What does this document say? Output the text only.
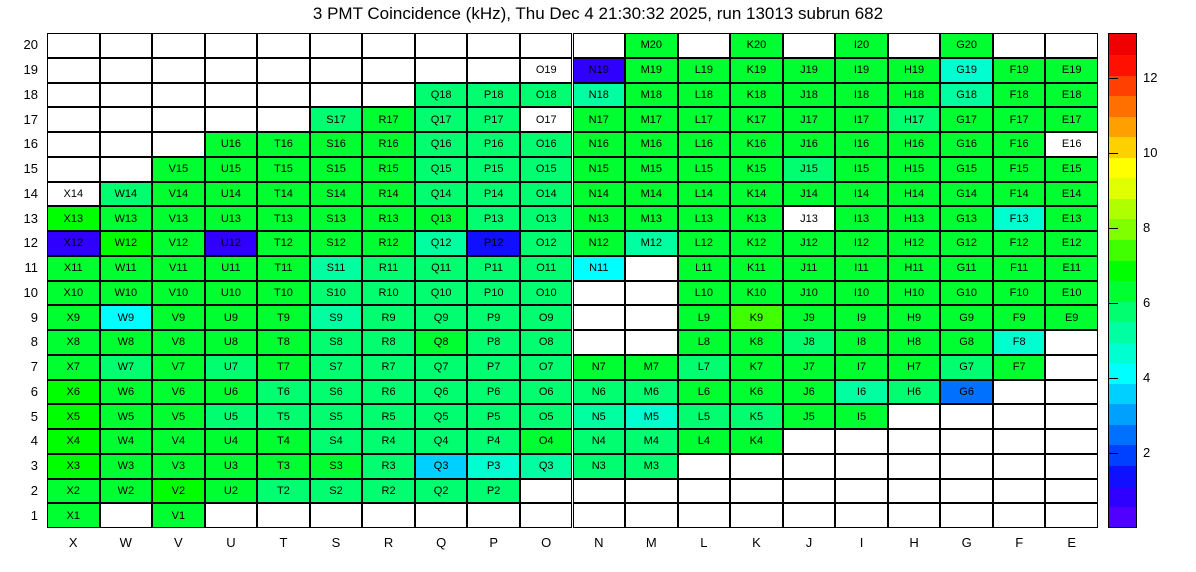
3 PMT Coincidence (kHz), Thu Dec 4 21:30:32 2025, run 13013 subrun 682
X1	V1
X2	W2	V2	U2	T2	S2	R2	Q2	P2
X3	W3	V3	U3	T3	S3	R3	Q3	P3	Q3	N3	M3
X4	W4	V4	U4	T4	S4	R4	Q4	P4	O4	N4	M4	L4	K4
X5	W5	V5	U5	T5	S5	R5	Q5	P5	O5	N5	M5	L5	K5	J5	I5
X6	W6	V6	U6	T6	S6	R6	Q6	P6	O6	N6	M6	L6	K6	J6	I6	H6	G6
X7	W7	V7	U7	T7	S7	R7	Q7	P7	O7	N7	M7	L7	K7	J7	I7	H7	G7	F7
X8	W8	V8	U8	T8	S8	R8	Q8	P8	O8	L8	K8	J8	I8	H8	G8	F8
X9	W9	V9	U9	T9	S9	R9	Q9	P9	O9	L9	K9	J9	I9	H9	G9	F9	E9
X10	W10	V10	U10	T10	S10	R10	Q10	P10	O10	L10	K10	J10	I10	H10	G10	F10	E10
X11	W11	V11	U11	T11	S11	R11	Q11	P11	O11	N11	L11	K11	J11	I11	H11	G11	F11	E11
X12	W12	V12	U12	T12	S12	R12	Q12	P12	O12	N12	M12	L12	K12	J12	I12	H12	G12	F12	E12
X13	W13	V13	U13	T13	S13	R13	Q13	P13	O13	N13	M13	L13	K13	J13	I13	H13	G13	F13	E13
X14	W14	V14	U14	T14	S14	R14	Q14	P14	O14	N14	M14	L14	K14	J14	I14	H14	G14	F14	E14
V15	U15	T15	S15	R15	Q15	P15	O15	N15	M15	L15	K15	J15	I15	H15	G15	F15	E15
U16	T16	S16	R16	Q16	P16	O16	N16	M16	L16	K16	J16	I16	H16	G16	F16	E16
S17	R17	Q17	P17	O17	N17	M17	L17	K17	J17	I17	H17	G17	F17	E17
Q18	P18	O18	N18	M18	L18	K18	J18	I18	H18	G18	F18	E18
O19	N19	M19	L19	K19	J19	I19	H19	G19	F19	E19
M20	K20	I20	G20
1
2
3
4
5
6
7
8
9
10
11
12
13
14
15
16
17
18
19
20
X	W	V	U	T	S	R	Q	P	O	N	M	L	K	J	I	H	G	F	E
2
4
6
8
10
12
